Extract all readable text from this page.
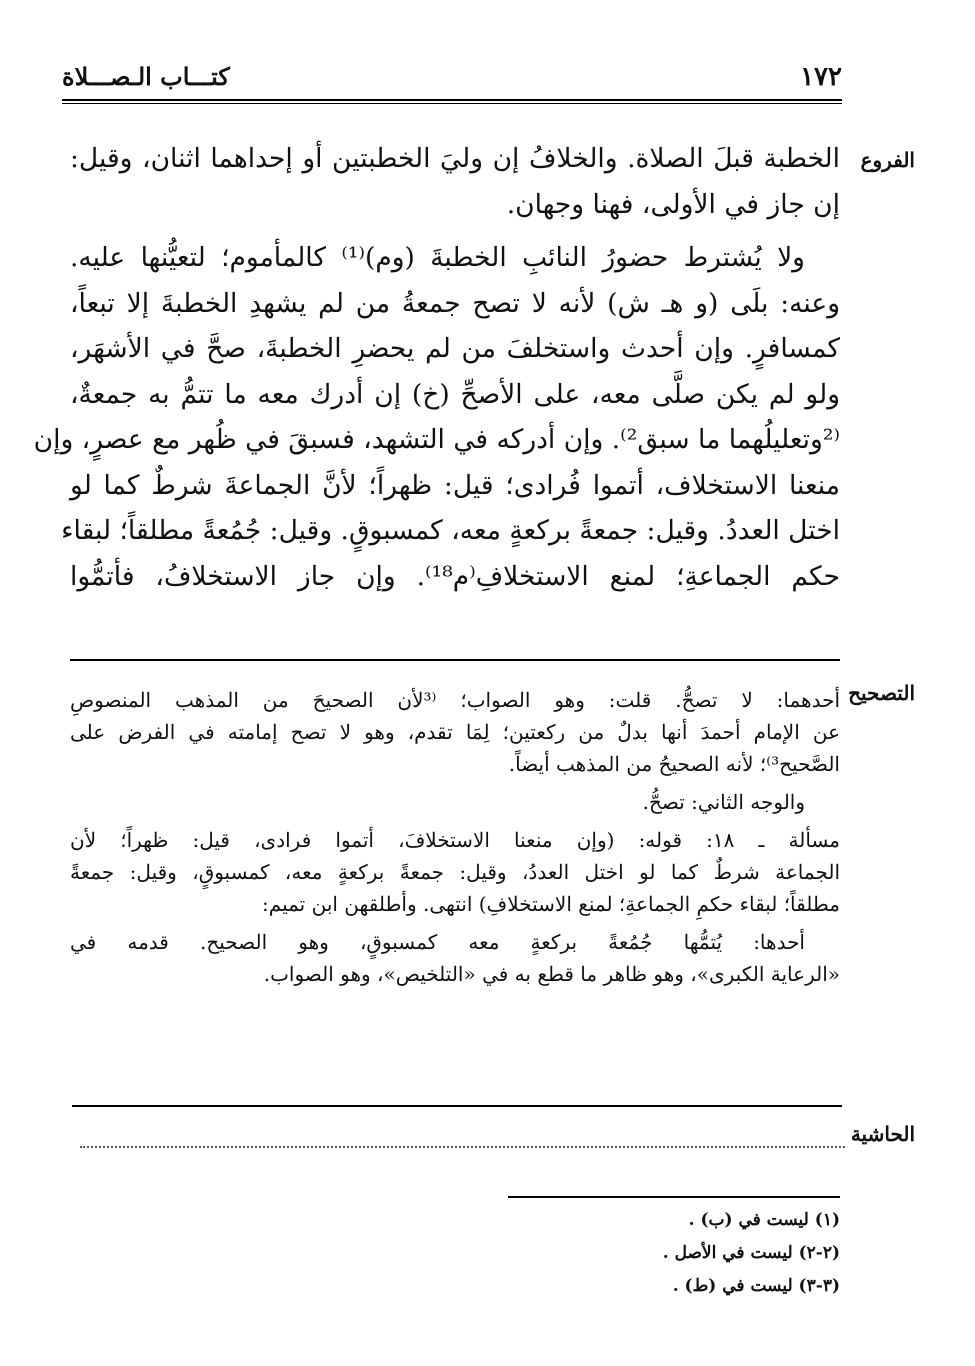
١٧٢
كتـــاب الـصـــلاة
الفروع
التصحيح
الحاشية

الخطبة قبلَ الصلاة. والخلافُ إن وليَ الخطبتين أو إحداهما اثنان، وقيل:

إن جاز في الأولى، فهنا وجهان.

ولا يُشترط حضورُ النائبِ الخطبةَ (وم)⁽¹⁾ كالمأموم؛ لتعيُّنها عليه.

وعنه: بلَى (و هـ ش) لأنه لا تصح جمعةُ من لم يشهدِ الخطبةَ إلا تبعاً،

كمسافرٍ. وإن أحدث واستخلفَ من لم يحضرِ الخطبةَ، صحَّ في الأشهَر،

ولو لم يكن صلَّى معه، على الأصحِّ (خ) إن أدرك معه ما تتمُّ به جمعةٌ،

⁽²وتعليلُهما ما سبق²⁾. وإن أدركه في التشهد، فسبقَ في ظُهر مع عصرٍ، وإن

منعنا الاستخلاف، أتموا فُرادى؛ قيل: ظهراً؛ لأنَّ الجماعةَ شرطٌ كما لو

اختل العددُ. وقيل: جمعةً بركعةٍ معه، كمسبوقٍ. وقيل: جُمُعةً مطلقاً؛ لبقاء

حكم الجماعةِ؛ لمنع الاستخلافِ⁽م¹⁸⁾. وإن جاز الاستخلافُ، فأتمُّوا

أحدهما: لا تصحُّ. قلت: وهو الصواب؛ ⁽³لأن الصحيحَ من المذهب المنصوصِ

عن الإمام أحمدَ أنها بدلٌ من ركعتين؛ لِمَا تقدم، وهو لا تصح إمامته في الفرض على

الصَّحيح³⁾؛ لأنه الصحيحُ من المذهب أيضاً.

والوجه الثاني: تصحُّ.

مسألة ـ ١٨: قوله: (وإن منعنا الاستخلافَ، أتموا فرادى، قيل: ظهراً؛ لأن

الجماعة شرطٌ كما لو اختل العددُ، وقيل: جمعةً بركعةٍ معه، كمسبوقٍ، وقيل: جمعةً

مطلقاً؛ لبقاء حكمِ الجماعةِ؛ لمنع الاستخلافِ) انتهى. وأطلقهن ابن تميم:

أحدها: يُتمُّها جُمُعةً بركعةٍ معه كمسبوقٍ، وهو الصحيح. قدمه في

«الرعاية الكبرى»، وهو ظاهر ما قطع به في «التلخيص»، وهو الصواب.

(١) ليست في (ب) .
(٢-٢) ليست في الأصل .
(٣-٣) ليست في (ط) .
